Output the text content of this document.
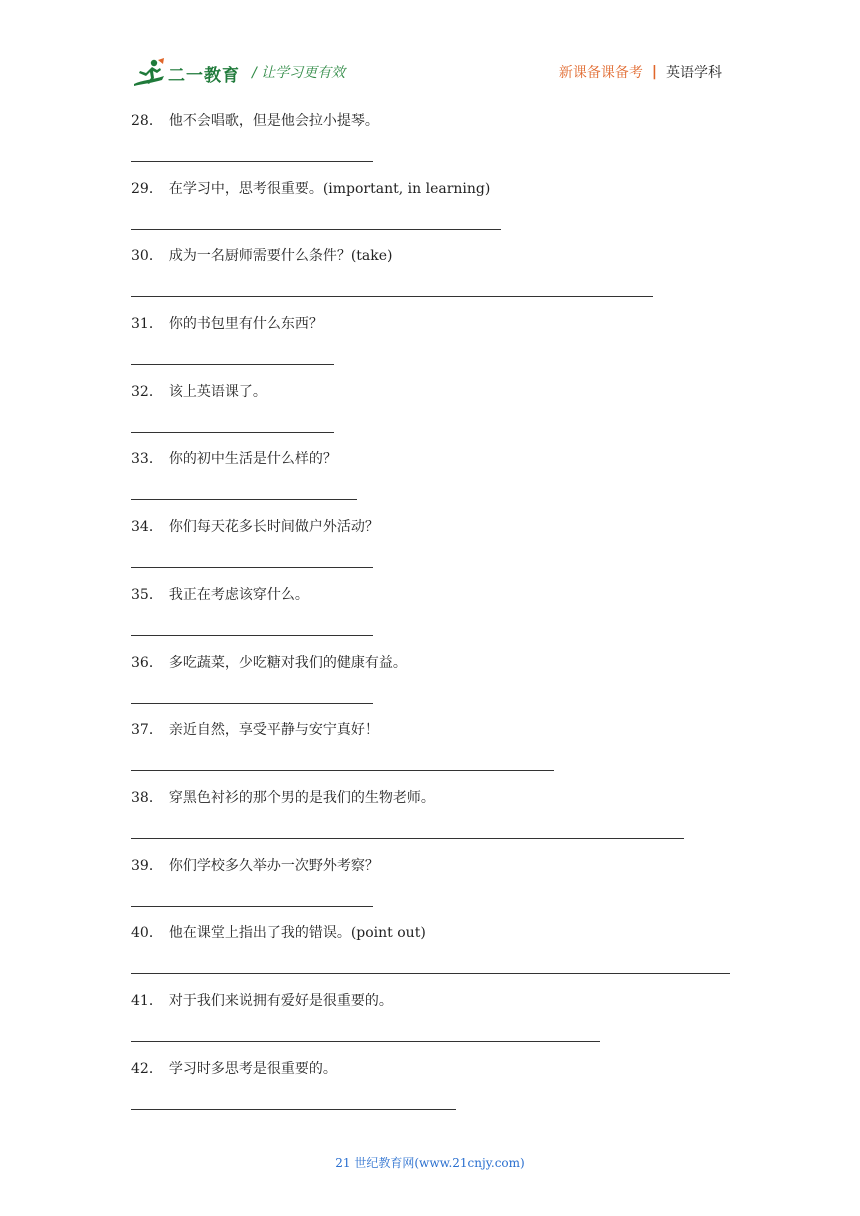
二一教育 / 让学习更有效	新课备课备考 | 英语学科
28． 他不会唱歌，但是他会拉小提琴。
29． 在学习中，思考很重要。(important, in learning)
30． 成为一名厨师需要什么条件？(take)
31． 你的书包里有什么东西？
32． 该上英语课了。
33． 你的初中生活是什么样的？
34． 你们每天花多长时间做户外活动？
35． 我正在考虑该穿什么。
36． 多吃蔬菜，少吃糖对我们的健康有益。
37． 亲近自然，享受平静与安宁真好！
38． 穿黑色衬衫的那个男的是我们的生物老师。
39． 你们学校多久举办一次野外考察？
40． 他在课堂上指出了我的错误。(point out)
41． 对于我们来说拥有爱好是很重要的。
42． 学习时多思考是很重要的。
21 世纪教育网(www.21cnjy.com)
